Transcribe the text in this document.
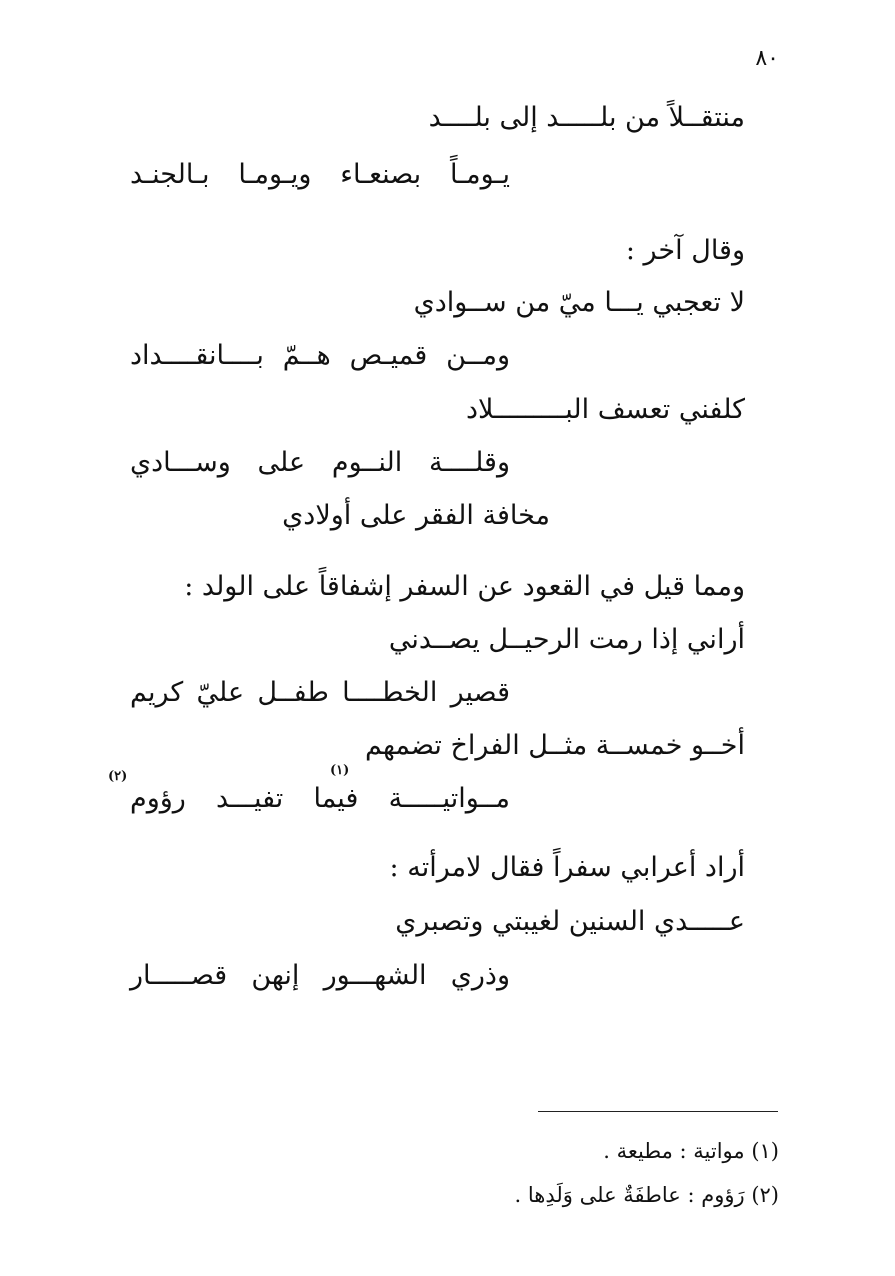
٨٠
منتقــلاً من بلـــــد إلى بلــــد
يـومـاً بصنعـاء ويـومـا بـالجنـد
وقال آخر :
لا تعجبي يـــا ميّ من ســوادي
ومــن قميـص هــمّ بــــانقــــداد
كلفني تعسف البـــــــــلاد
وقلــــة النــوم على وســـادي
مخافة الفقر على أولادي
ومما قيل في القعود عن السفر إشفاقاً على الولد :
أراني إذا رمت الرحيــل يصــدني
قصير الخطــــا طفــل عليّ كريم
أخــو خمســة مثــل الفراخ تضمهم
مــواتيـــــة فيما تفيـــد رؤوم
(١)
(٢)
أراد أعرابي سفراً فقال لامرأته :
عـــــدي السنين لغيبتي وتصبري
وذري الشهـــور إنهن قصـــــار
(١) مواتية : مطيعة .
(٢) رَؤوم : عاطفَةٌ على وَلَدِها .
